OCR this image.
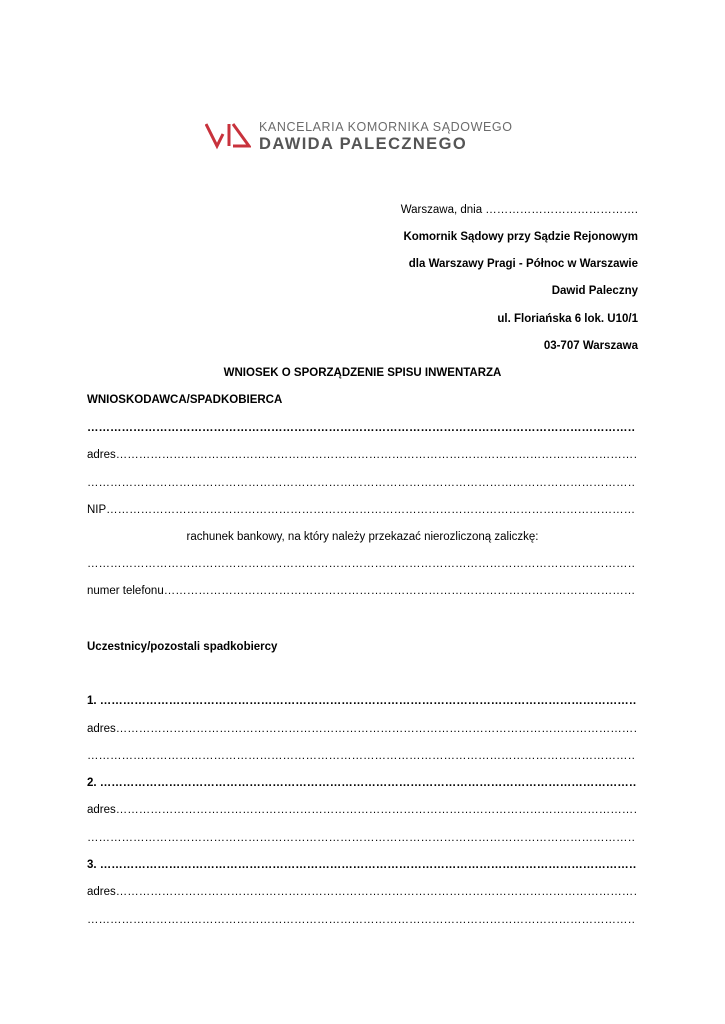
KANCELARIA KOMORNIKA SĄDOWEGO
DAWIDA PALECZNEGO
Warszawa, dnia ………………………………….
Komornik Sądowy przy Sądzie Rejonowym
dla Warszawy Pragi - Północ w Warszawie
Dawid Paleczny
ul. Floriańska 6 lok. U10/1
03-707 Warszawa
WNIOSEK O SPORZĄDZENIE SPISU INWENTARZA
WNIOSKODAWCA/SPADKOBIERCA
……………………………………………………………………………………………………………………………………………………………………………………………………………………………………
adres ……………………………………………………………………………………………………………………………………………………………………………………………………………………………………
……………………………………………………………………………………………………………………………………………………………………………………………………………………………………
NIP ……………………………………………………………………………………………………………………………………………………………………………………………………………………………………
rachunek bankowy, na który należy przekazać nierozliczoną zaliczkę:
……………………………………………………………………………………………………………………………………………………………………………………………………………………………………
numer telefonu ……………………………………………………………………………………………………………………………………………………………………………………………………………………………………
Uczestnicy/pozostali spadkobiercy
1. ……………………………………………………………………………………………………………………………………………………………………………………………………………………………………
adres ……………………………………………………………………………………………………………………………………………………………………………………………………………………………………
……………………………………………………………………………………………………………………………………………………………………………………………………………………………………
2. ……………………………………………………………………………………………………………………………………………………………………………………………………………………………………
adres ……………………………………………………………………………………………………………………………………………………………………………………………………………………………………
……………………………………………………………………………………………………………………………………………………………………………………………………………………………………
3. ……………………………………………………………………………………………………………………………………………………………………………………………………………………………………
adres ……………………………………………………………………………………………………………………………………………………………………………………………………………………………………
……………………………………………………………………………………………………………………………………………………………………………………………………………………………………
